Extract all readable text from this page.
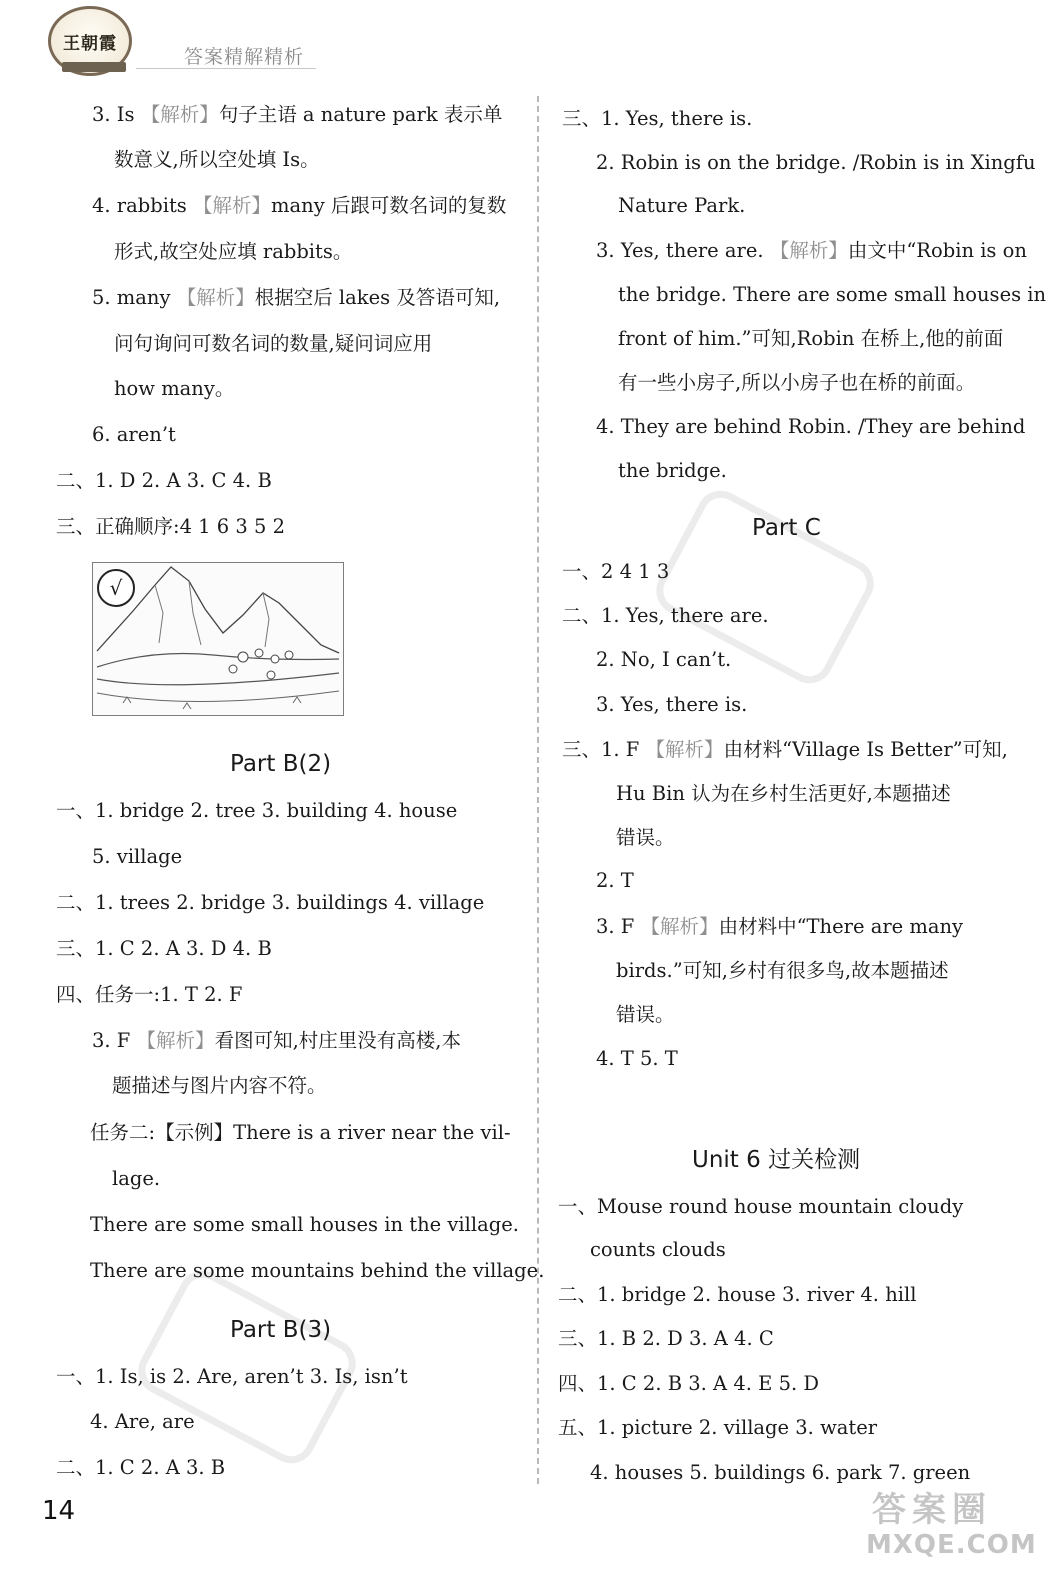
王朝霞
答案精解精析
3. Is 【解析】句子主语 a nature park 表示单
数意义,所以空处填 Is。
4. rabbits 【解析】many 后跟可数名词的复数
形式,故空处应填 rabbits。
5. many 【解析】根据空后 lakes 及答语可知,
问句询问可数名词的数量,疑问词应用
how many。
6. aren’t
二、1. D 2. A 3. C 4. B
三、正确顺序:4 1 6 3 5 2
√
Part B(2)
一、1. bridge 2. tree 3. building 4. house
5. village
二、1. trees 2. bridge 3. buildings 4. village
三、1. C 2. A 3. D 4. B
四、任务一:1. T 2. F
3. F 【解析】看图可知,村庄里没有高楼,本
题描述与图片内容不符。
任务二:【示例】There is a river near the vil-
lage.
There are some small houses in the village.
There are some mountains behind the village.
Part B(3)
一、1. Is, is 2. Are, aren’t 3. Is, isn’t
4. Are, are
二、1. C 2. A 3. B
三、1. Yes, there is.
2. Robin is on the bridge. /Robin is in Xingfu
Nature Park.
3. Yes, there are. 【解析】由文中“Robin is on
the bridge. There are some small houses in
front of him.”可知,Robin 在桥上,他的前面
有一些小房子,所以小房子也在桥的前面。
4. They are behind Robin. /They are behind
the bridge.
Part C
一、2 4 1 3
二、1. Yes, there are.
2. No, I can’t.
3. Yes, there is.
三、1. F 【解析】由材料“Village Is Better”可知,
Hu Bin 认为在乡村生活更好,本题描述
错误。
2. T
3. F 【解析】由材料中“There are many
birds.”可知,乡村有很多鸟,故本题描述
错误。
4. T 5. T
Unit 6 过关检测
一、Mouse round house mountain cloudy
counts clouds
二、1. bridge 2. house 3. river 4. hill
三、1. B 2. D 3. A 4. C
四、1. C 2. B 3. A 4. E 5. D
五、1. picture 2. village 3. water
4. houses 5. buildings 6. park 7. green
14	答案圈
MXQE.COM
